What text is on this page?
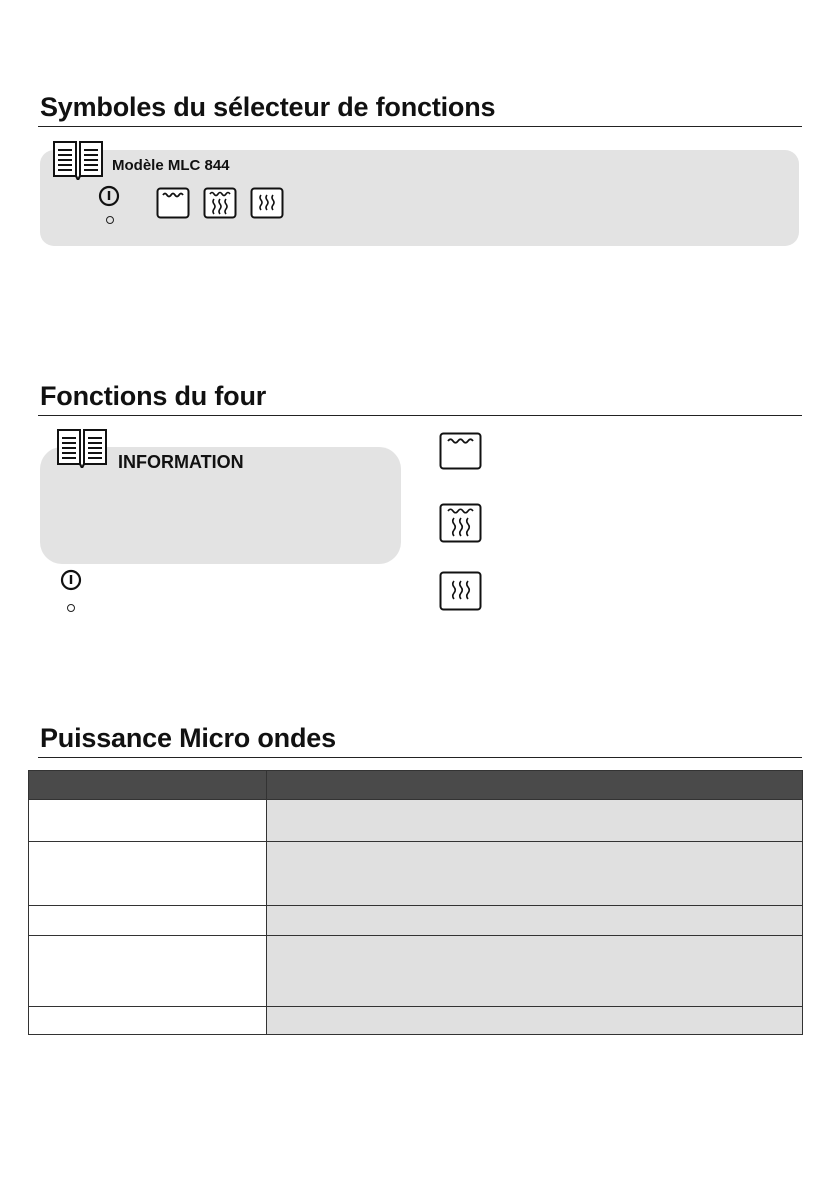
Symboles du sélecteur de fonctions
Modèle MLC 844
Fonctions du four
INFORMATION
Puissance Micro ondes
